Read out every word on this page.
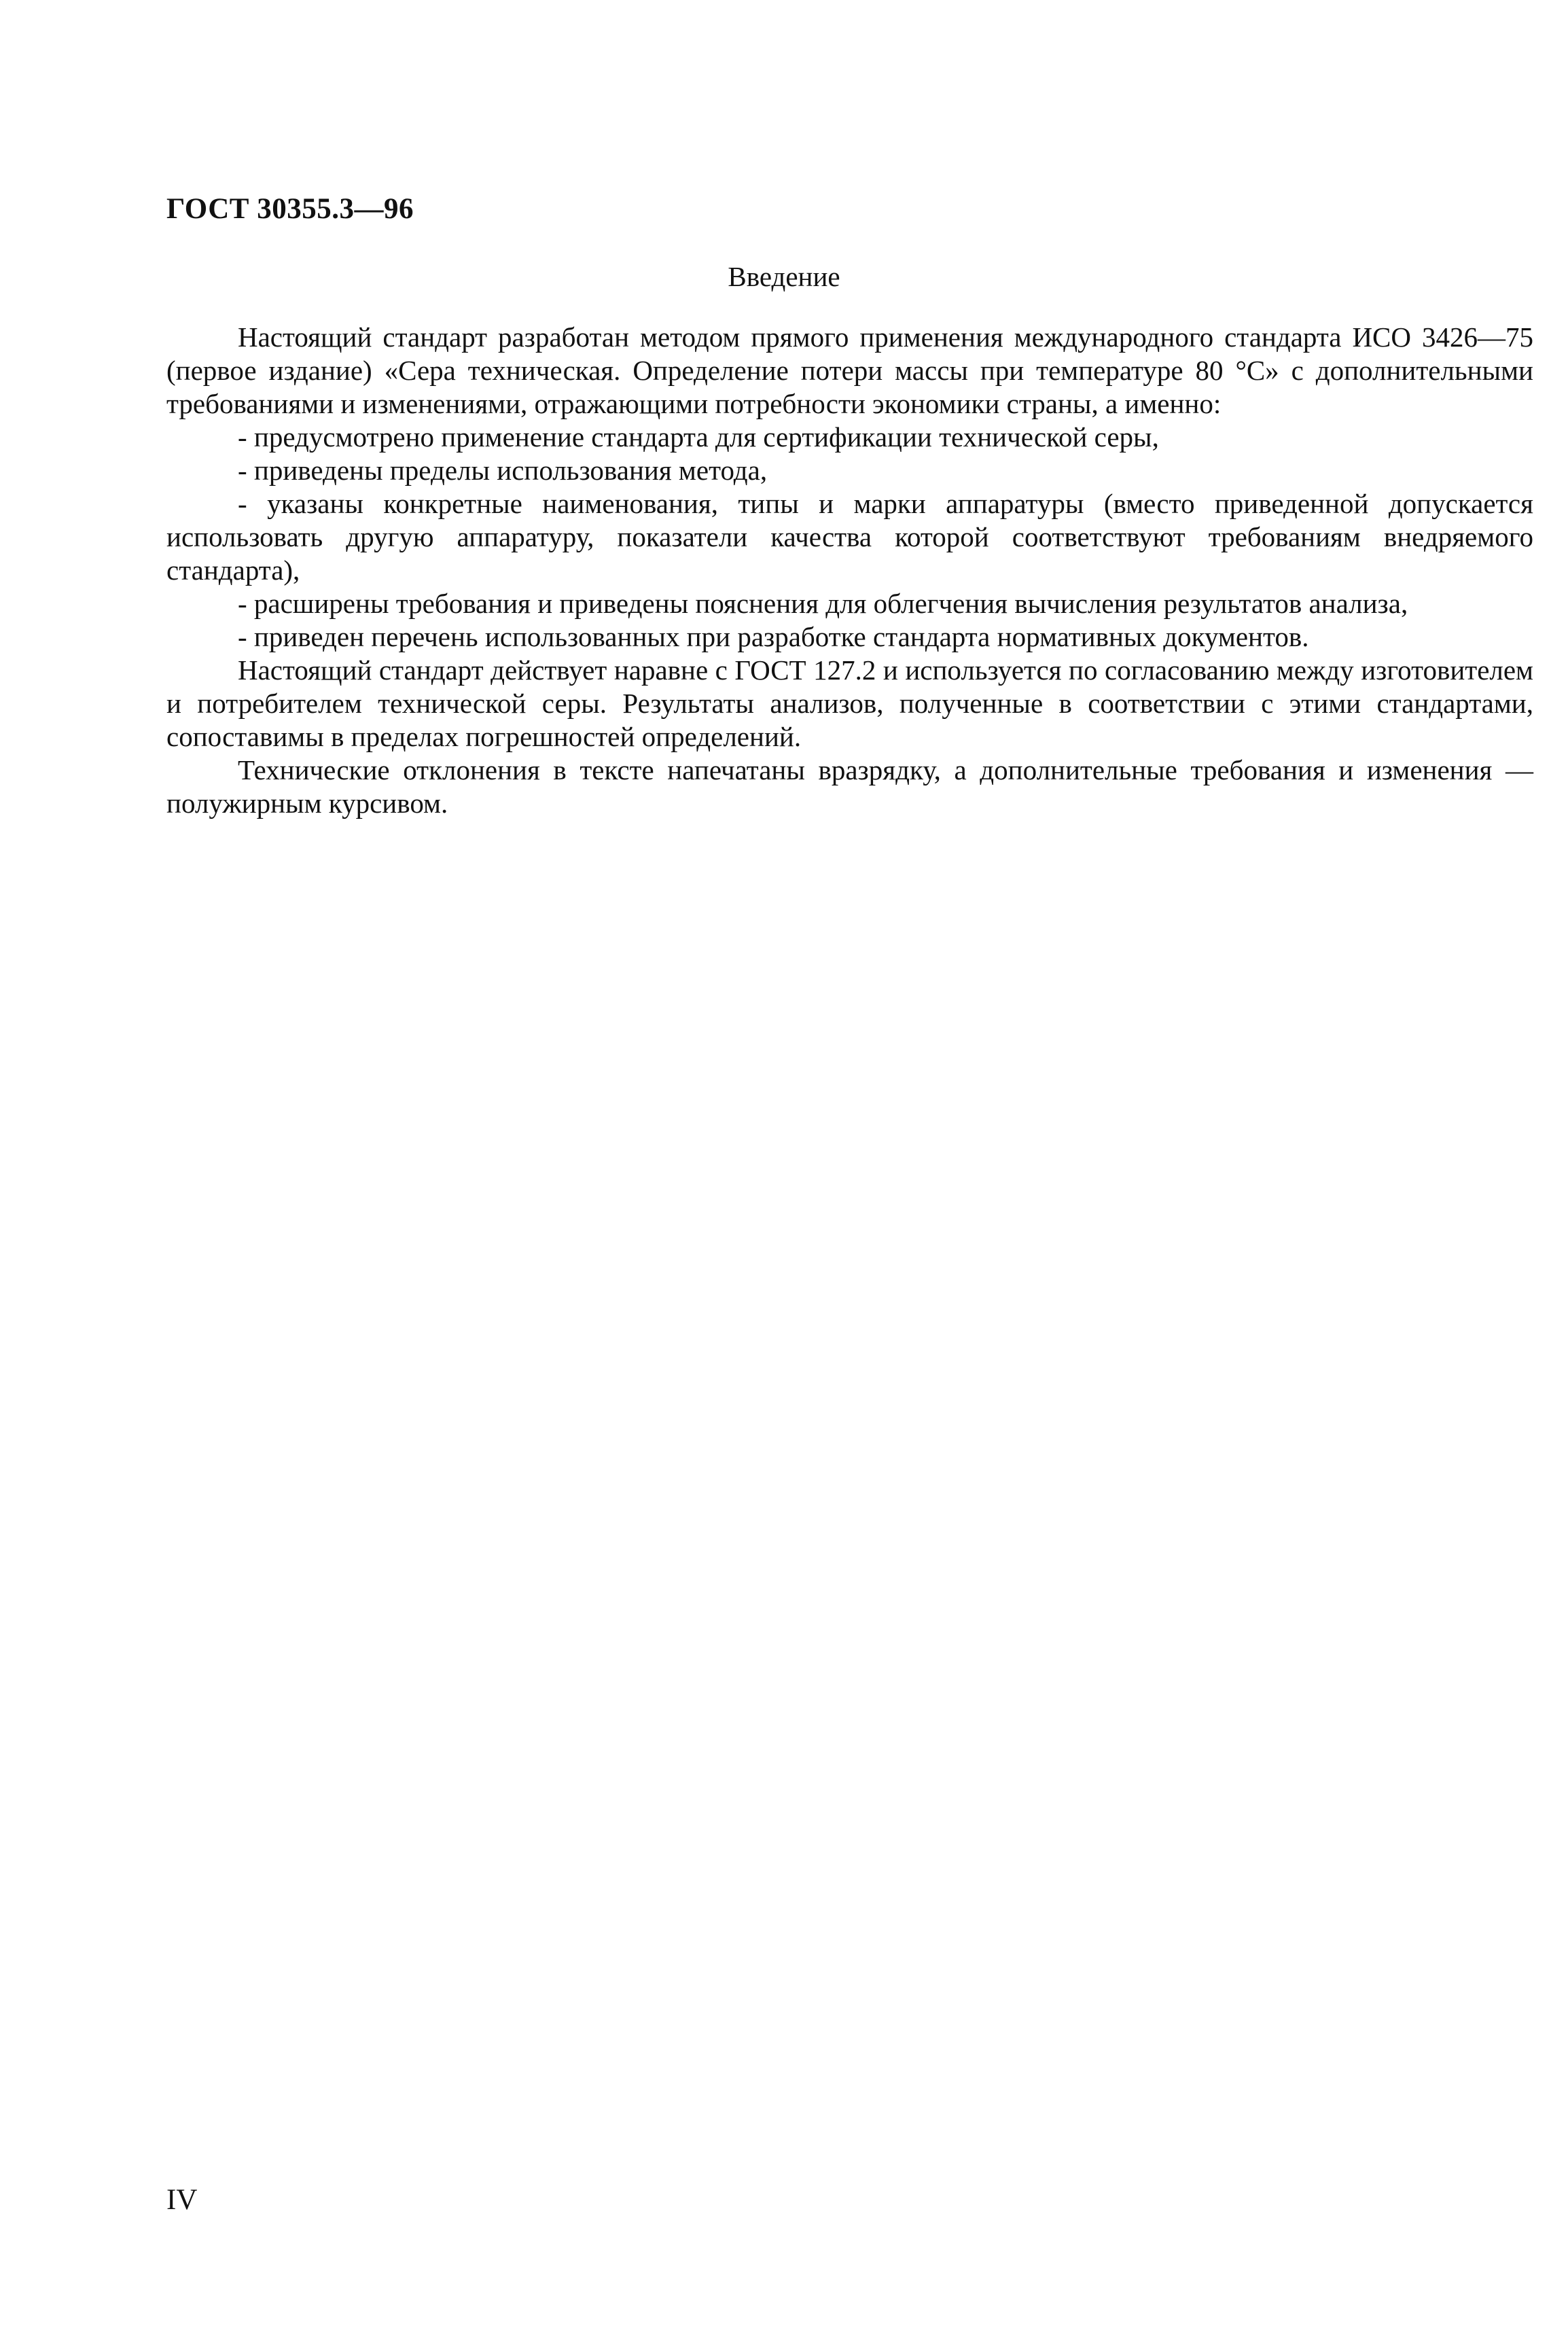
ГОСТ 30355.3—96
Введение

Настоящий стандарт разработан методом прямого применения международного стандарта ИСО 3426—75 (первое издание) «Сера техническая. Определение потери массы при температуре 80 °С» с дополнительными требованиями и изменениями, отражающими потребности экономики страны, а именно:

- предусмотрено применение стандарта для сертификации технической серы,

- приведены пределы использования метода,

- указаны конкретные наименования, типы и марки аппаратуры (вместо приведенной допускается использовать другую аппаратуру, показатели качества которой соответствуют требованиям внедряемого стандарта),

- расширены требования и приведены пояснения для облегчения вычисления результатов анализа,

- приведен перечень использованных при разработке стандарта нормативных документов.

Настоящий стандарт действует наравне с ГОСТ 127.2 и используется по согласованию между изготовителем и потребителем технической серы. Результаты анализов, полученные в соответствии с этими стандартами, сопоставимы в пределах погрешностей определений.

Технические отклонения в тексте напечатаны вразрядку, а дополнительные требования и изменения — полужирным курсивом.

IV
